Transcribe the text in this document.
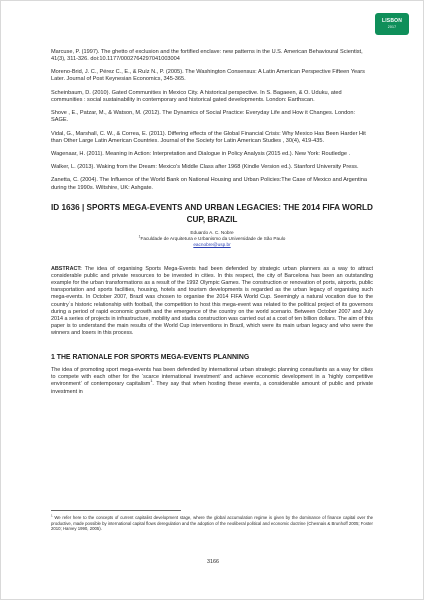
LISBON
2017

Marcuse, P. (1997). The ghetto of exclusion and the fortified enclave: new patterns in the U.S. American Behavioural Scientist, 41(3), 311-326. doi:10.1177/0002764297041003004

Moreno-Brid, J. C., Pérez C., E., & Ruíz N., P. (2005). The Washington Consensus: A Latin American Perspective Fifteen Years Later. Journal of Post Keynesian Economics, 345-365.

Scheinbaum, D. (2010). Gated Communities in Mexico City. A historical perspective. In S. Bagaeen, & O. Uduku, ated communities : social sustainability in contemporary and historical gated developments. London: Earthscan.

Shove , E., Patzar, M., & Watson, M. (2012). The Dynamics of Social Practice: Everyday Life and How it Changes. London: SAGE.

Vidal, G., Marshall, C. W., & Correa, E. (2011). Differing effects of the Global Financial Crisis: Why Mexico Has Been Harder Hit than Other Large Latin American Countries. Journal of the Society for Latin American Studies , 30(4), 419-435.

Wagenaar, H. (2011). Meaning in Action: Interpretation and Dialogue in Policy Analysis (2015 ed.). New York: Routledge .

Walker, L. (2013). Waking from the Dream: Mexico's Middle Class after 1968 (Kindle Version ed.). Stanford University Press.

Zanetta, C. (2004). The Influence of the World Bank on National Housing and Urban Policies:The Case of Mexico and Argentina during the 1990s. Wiltshire, UK: Ashgate.

ID 1636 | SPORTS MEGA-EVENTS AND URBAN LEGACIES: THE 2014 FIFA WORLD CUP, BRAZIL
Eduardo A. C. Nobre
$^1$Faculdade de Arquitetura e Urbanismo da Universidade de São Paulo
eacnobre@usp.br

ABSTRACT: The idea of organising Sports Mega-Events had been defended by strategic urban planners as a way to attract considerable public and private resources to be invested in cities. In this respect, the city of Barcelona has been an outstanding example for the urban transformations as a result of the 1992 Olympic Games. The construction or renovation of ports, airports, public transportation and sports facilities, housing, hotels and tourism developments is regarded as the urban legacy of organising such mega-events. In October 2007, Brazil was chosen to organise the 2014 FIFA World Cup. Seemingly a natural vocation due to the country´s historic relationship with football, the competition to host this mega-event was related to the political project of its governors during a period of rapid economic growth and the emergence of the country on the world scenario. Between October 2007 and July 2014 a series of projects in infrastructure, mobility and stadia construction was carried out at a cost of ten billion dollars. The aim of this paper is to understand the main results of the World Cup interventions in Brazil, which were its main urban legacy and who were the winners and losers in this process.

1 THE RATIONALE FOR SPORTS MEGA-EVENTS PLANNING

The idea of promoting sport mega-events has been defended by international urban strategic planning consultants as a way for cities to compete with each other for the ‘scarce international investment’ and achieve economic development in a ‘highly competitive environment’ of contemporary capitalism$^1$. They say that when hosting these events, a considerable amount of public and private investment in

$^1$ We refer here to the concepts of current capitalist development stage, where the global accumulation regime is given by the dominance of finance capital over the productive, made possible by international capital flows deregulation and the adoption of the neoliberal political and economic doctrine (Chesnais & Brunhoff 2005; Foster 2010; Harvey 1990, 2005).

3166
